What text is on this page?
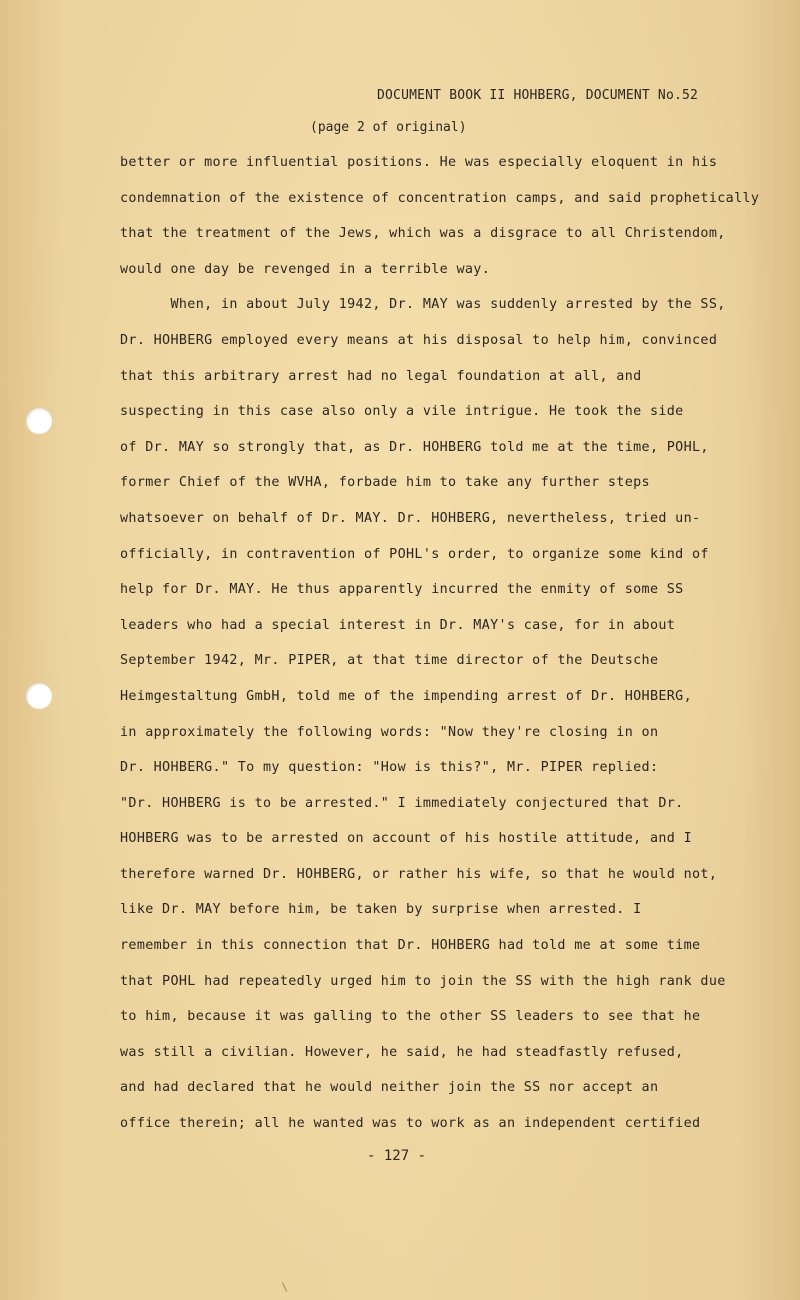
DOCUMENT BOOK II HOHBERG, DOCUMENT No.52
(page 2 of original)
better or more influential positions. He was especially eloquent in his
condemnation of the existence of concentration camps, and said prophetically
that the treatment of the Jews, which was a disgrace to all Christendom,
would one day be revenged in a terrible way.
When, in about July 1942, Dr. MAY was suddenly arrested by the SS,
Dr. HOHBERG employed every means at his disposal to help him, convinced
that this arbitrary arrest had no legal foundation at all, and
suspecting in this case also only a vile intrigue. He took the side
of Dr. MAY so strongly that, as Dr. HOHBERG told me at the time, POHL,
former Chief of the WVHA, forbade him to take any further steps
whatsoever on behalf of Dr. MAY. Dr. HOHBERG, nevertheless, tried un-
officially, in contravention of POHL's order, to organize some kind of
help for Dr. MAY. He thus apparently incurred the enmity of some SS
leaders who had a special interest in Dr. MAY's case, for in about
September 1942, Mr. PIPER, at that time director of the Deutsche
Heimgestaltung GmbH, told me of the impending arrest of Dr. HOHBERG,
in approximately the following words: "Now they're closing in on
Dr. HOHBERG." To my question: "How is this?", Mr. PIPER replied:
"Dr. HOHBERG is to be arrested." I immediately conjectured that Dr.
HOHBERG was to be arrested on account of his hostile attitude, and I
therefore warned Dr. HOHBERG, or rather his wife, so that he would not,
like Dr. MAY before him, be taken by surprise when arrested. I
remember in this connection that Dr. HOHBERG had told me at some time
that POHL had repeatedly urged him to join the SS with the high rank due
to him, because it was galling to the other SS leaders to see that he
was still a civilian. However, he said, he had steadfastly refused,
and had declared that he would neither join the SS nor accept an
office therein; all he wanted was to work as an independent certified
- 127 -
